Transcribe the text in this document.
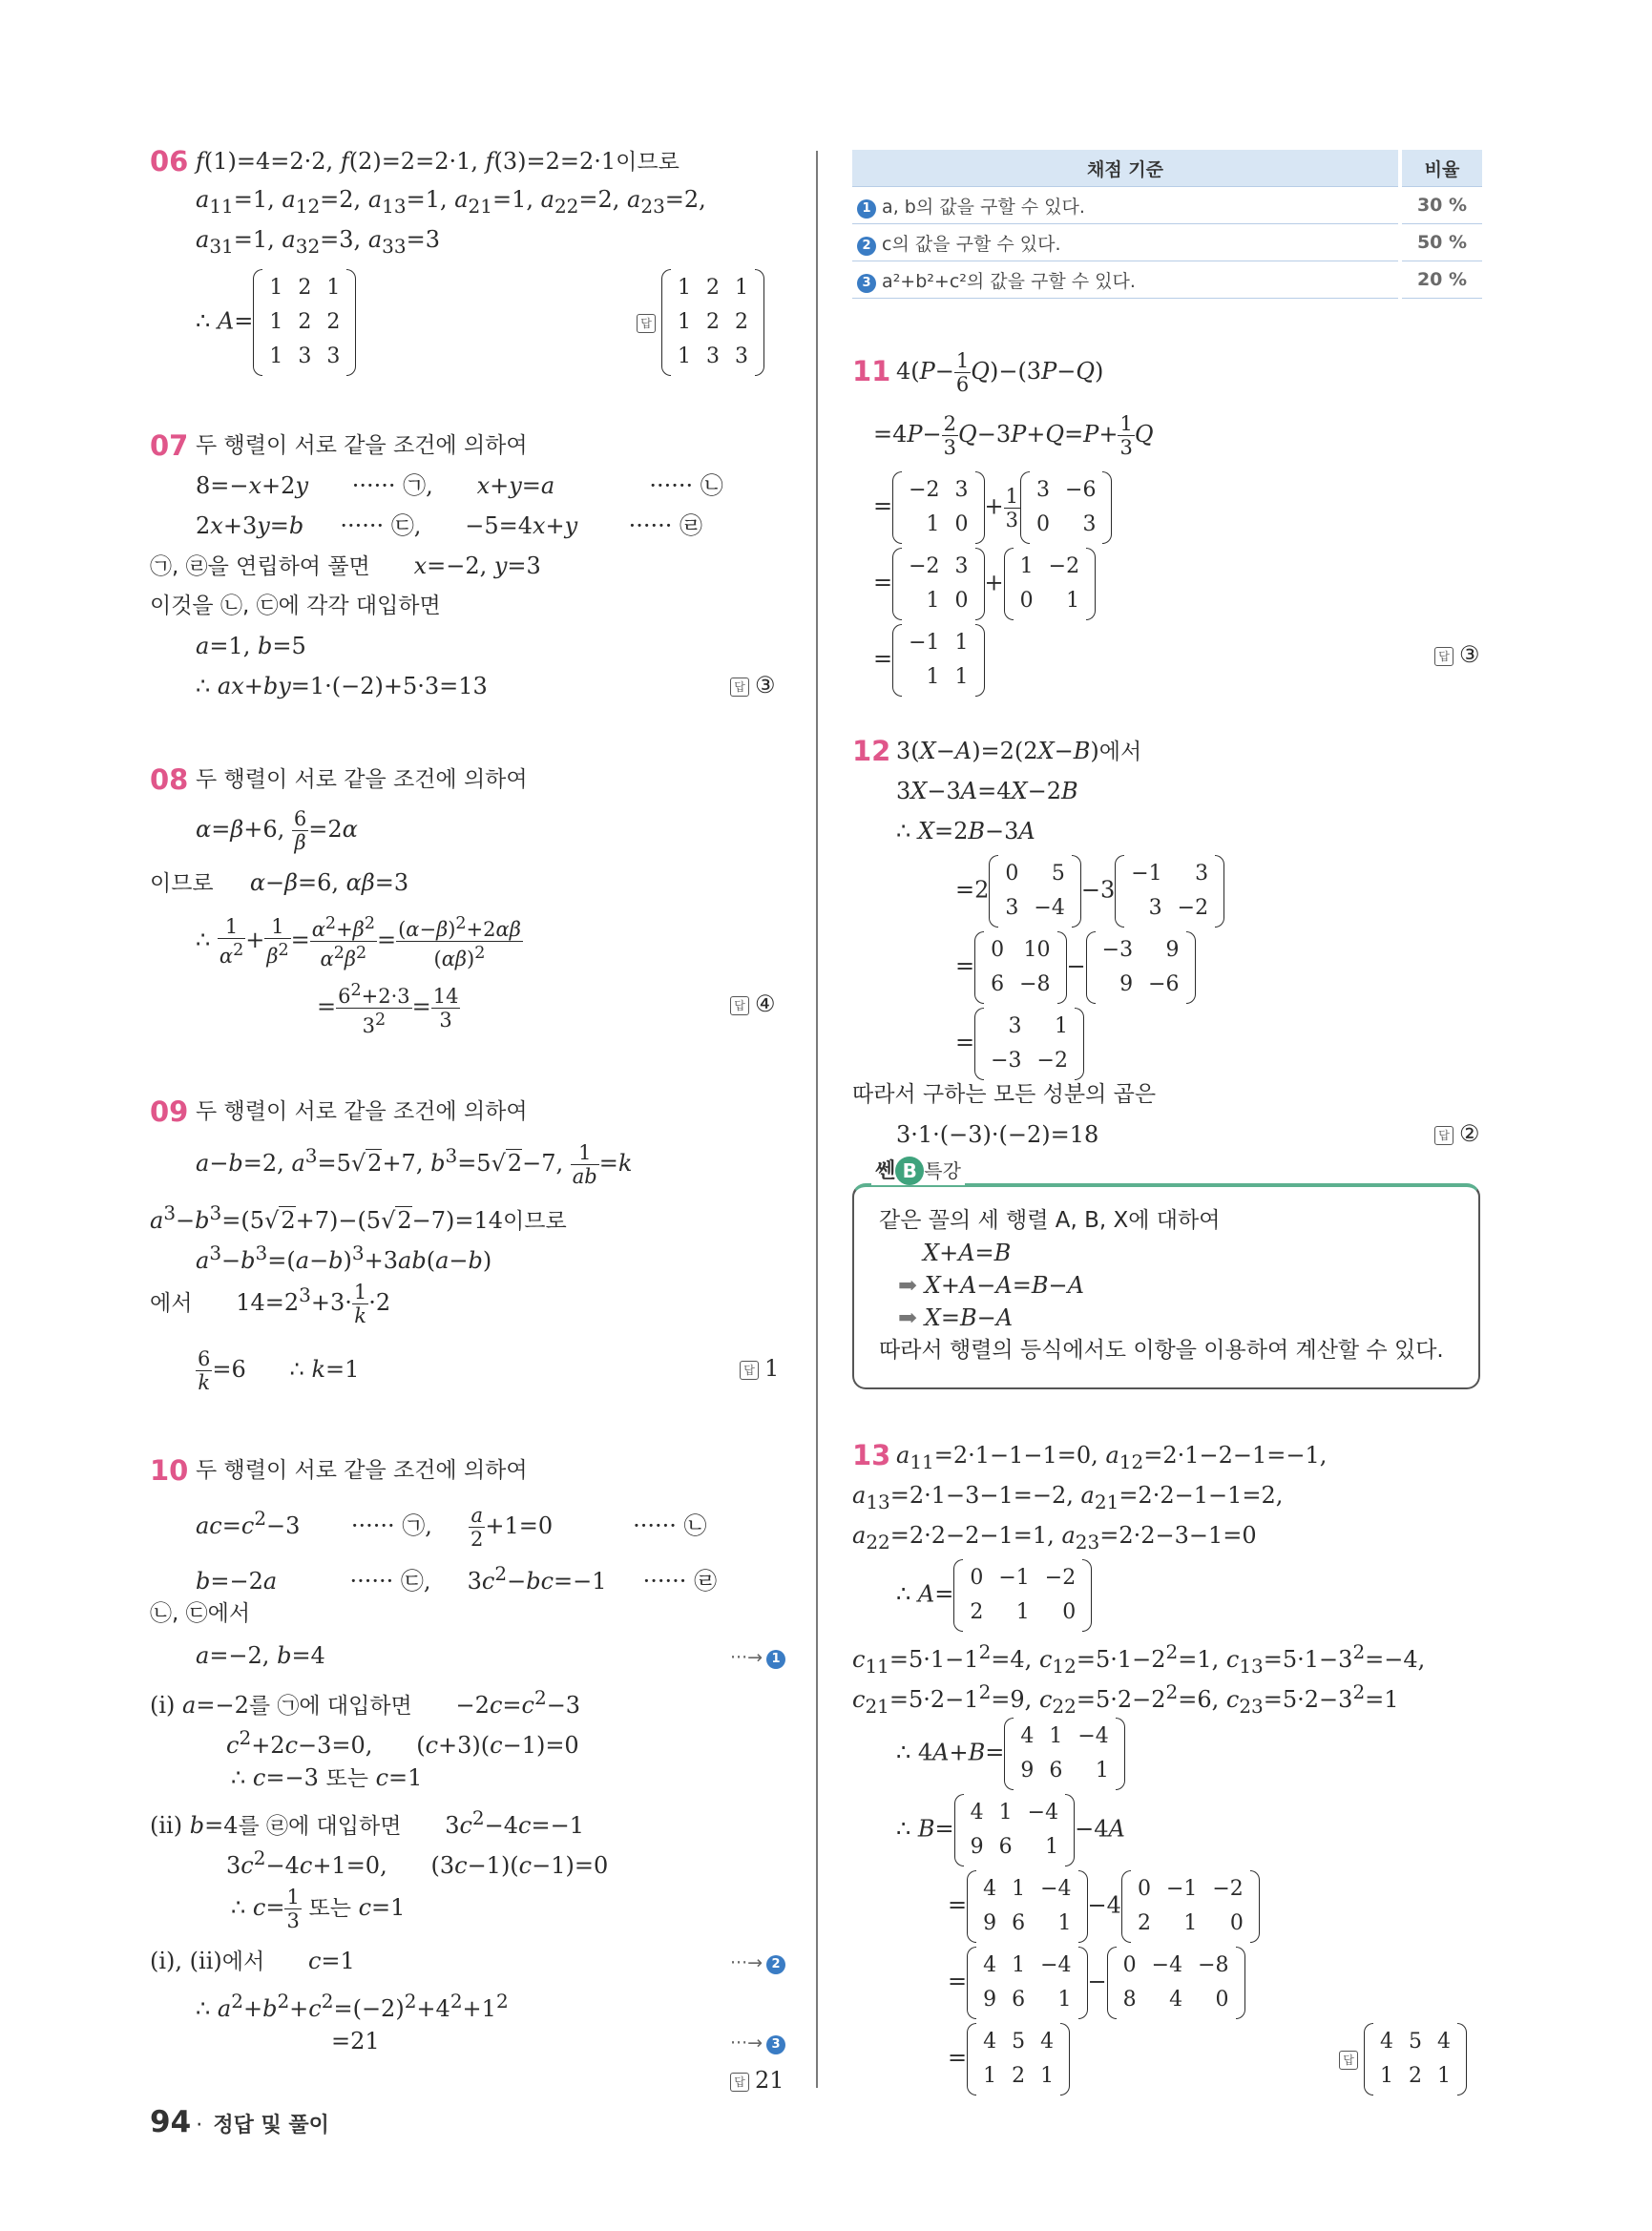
06 f(1)=4=2·2, f(2)=2=2·1, f(3)=2=2·1이므로
$a_{11}=1$, $a_{12}=2$, $a_{13}=1$, $a_{21}=1$, $a_{22}=2$, $a_{23}=2$,
$a_{31}=1$, $a_{32}=3$, $a_{33}=3$
∴ A=
1	2	1
1	2	2
1	3	3
답
1	2	1
1	2	2
1	3	3
07 두 행렬이 서로 같을 조건에 의하여
8=−x+2y      ······ ㉠,      x+y=a             ······ ㉡
2x+3y=b     ······ ㉢,      −5=4x+y       ······ ㉣
㉠, ㉣을 연립하여 풀면 x=−2, y=3
이것을 ㉡, ㉢에 각각 대입하면
a=1, b=5
∴ ax+by=1·(−2)+5·3=13	답 ③
08 두 행렬이 서로 같을 조건에 의하여
α=β+6, $\frac{6}{\beta} =2\alpha$
이므로 α−β=6, αβ=3
∴ $\frac{1}{\alpha^2} + \frac{1}{\beta^2} = \frac{\alpha^2+\beta^2}{\alpha^2\beta^2} = \frac{(\alpha-\beta)^2+2\alpha\beta}{(\alpha\beta)^2}$
= $\frac{6^2+2\cdot 3}{3^2} = \frac{14}{3}$	답 ④
09 두 행렬이 서로 같을 조건에 의하여
a−b=2, $a^3=5√2+7$, $b^3=5√2-7$, $\frac{1}{ab} =k$
$a^3-b^3=(5√2+7)-(5√2-7)=14$이므로
$a^3-b^3=(a-b)^3+3ab(a-b)$
에서      $14=2^3+3\cdot \frac{1}{k} \cdot 2$
$\frac{6}{k} =6$      ∴ k=1	답 1
10 두 행렬이 서로 같을 조건에 의하여
$ac=c^2-3$       ······ ㉠, $\frac{a}{2} +1=0$           ······ ㉡
b=−2a          ······ ㉢,     $3c^2-bc=-1$     ······ ㉣
㉡, ㉢에서
a=−2, b=4	···→ 1
(i) a=−2를 ㉠에 대입하면      $-2c=c^2-3$
$c^2+2c-3=0$,      (c+3)(c−1)=0
∴ c=−3 또는 c=1
(ii) b=4를 ㉣에 대입하면      $3c^2-4c=-1$
$3c^2-4c+1=0$,      (3c−1)(c−1)=0
∴ $c= \frac{1}{3}$ 또는 c=1
(i), (ii)에서 c=1	···→ 2
∴ $a^2+b^2+c^2=(-2)^2+4^2+1^2$
=21	···→ 3
답 21
채점 기준	비율
1 a, b의 값을 구할 수 있다.	30 %
2 c의 값을 구할 수 있다.	50 %
3 a²+b²+c²의 값을 구할 수 있다.	20 %
11 $4(P- \frac{1}{6} Q)-(3P-Q)$
$=4P- \frac{2}{3} Q-3P+Q=P+ \frac{1}{3}$ Q
=
−2	3
1	0
+ $\frac{1}{3} 3$	−6
0	3
=
−2	3
1	0
+
1	−2
0	1
=
−1	1
1	1
답 ③
12 3(X−A)=2(2X−B)에서
3X−3A=4X−2B
∴ X=2B−3A
=2
0	5
3	−4
−3
−1	3
3	−2
=
0	10
6	−8
−
−3	9
9	−6
=
3	1
−3	−2
따라서 구하는 모든 성분의 곱은
3·1·(−3)·(−2)=18	답 ②
13 $a_{11}=2\cdot 1-1-1=0$, $a_{12}=2\cdot 1-2-1=-1$,
$a_{13}=2\cdot 1-3-1=-2$, $a_{21}=2\cdot 2-1-1=2$,
$a_{22}=2\cdot 2-2-1=1$, $a_{23}=2\cdot 2-3-1=0$
∴ A=
0	−1	−2
2	1	0
$c_{11}=5\cdot 1-1^2=4$, $c_{12}=5\cdot 1-2^2=1$, $c_{13}=5\cdot 1-3^2=-4$,
$c_{21}=5\cdot 2-1^2=9$, $c_{22}=5\cdot 2-2^2=6$, $c_{23}=5\cdot 2-3^2=1$
∴ 4A+B=
4	1	−4
9	6	1
∴ B=
4	1	−4
9	6	1
−4A
=
4	1	−4
9	6	1
−4
0	−1	−2
2	1	0
=
4	1	−4
9	6	1
−
0	−4	−8
8	4	0
=
4	5	4
1	2	1
답
4	5	4
1	2	1
같은 꼴의 세 행렬 A, B, X에 대하여
X+A=B
➡ X+A−A=B−A
➡ X=B−A
따라서 행렬의 등식에서도 이항을 이용하여 계산할 수 있다.
쎈 B 특강
94 · 정답 및 풀이
